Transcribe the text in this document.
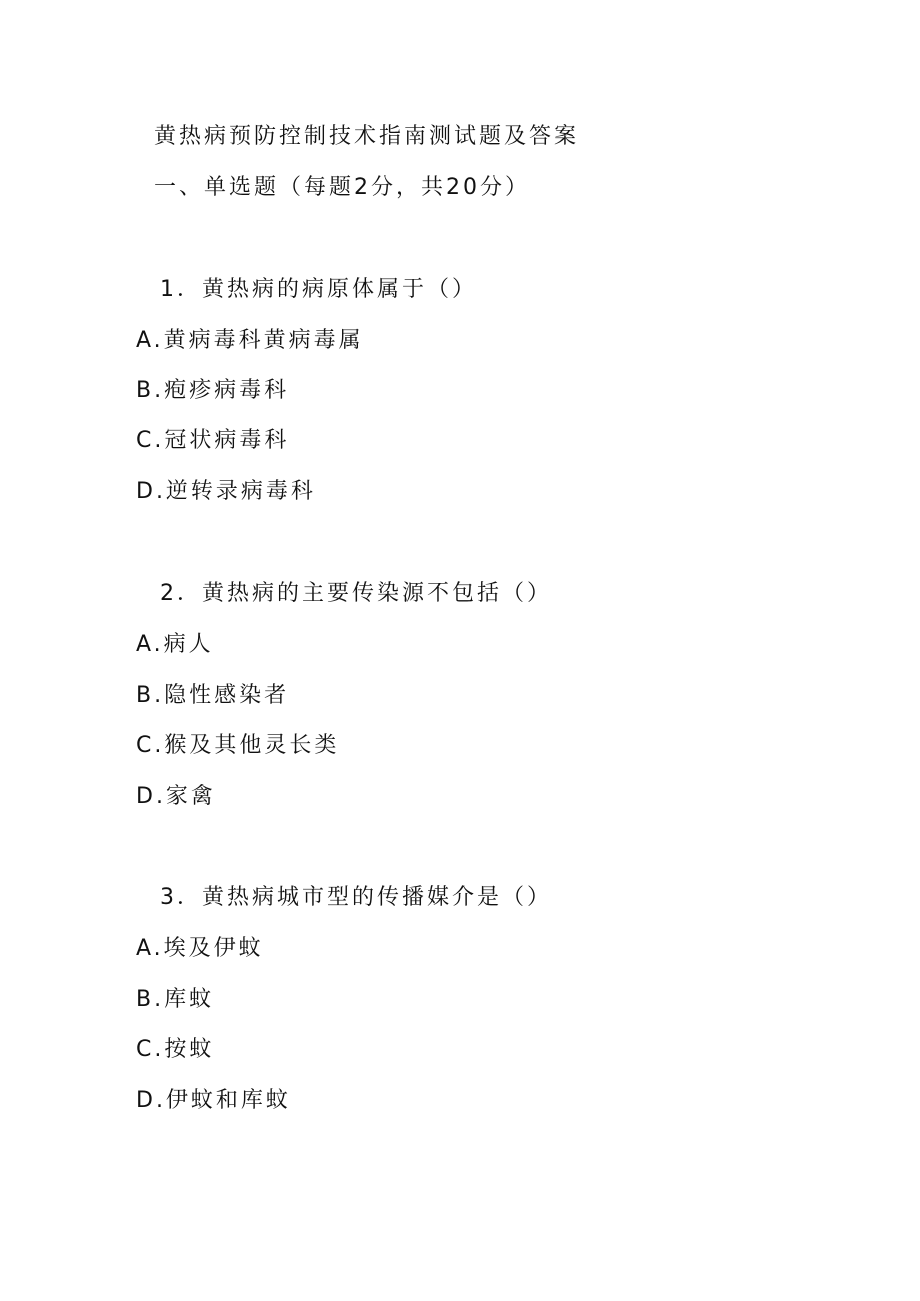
黄热病预防控制技术指南测试题及答案
一、单选题（每题2分，共20分）
1．黄热病的病原体属于（）
A.黄病毒科黄病毒属
B.疱疹病毒科
C.冠状病毒科
D.逆转录病毒科
2．黄热病的主要传染源不包括（）
A.病人
B.隐性感染者
C.猴及其他灵长类
D.家禽
3．黄热病城市型的传播媒介是（）
A.埃及伊蚊
B.库蚊
C.按蚊
D.伊蚊和库蚊
